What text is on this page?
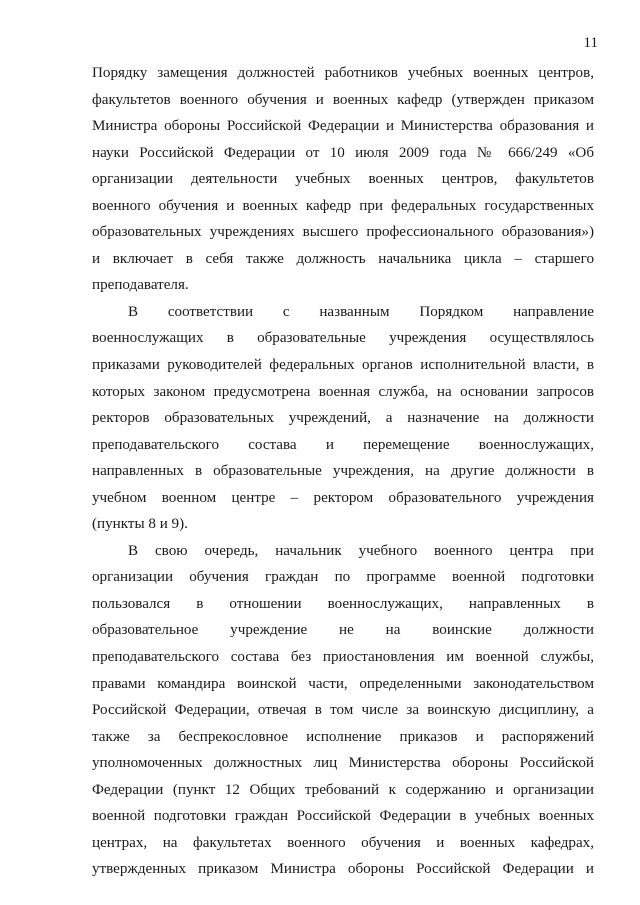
11
Порядку замещения должностей работников учебных военных центров,
факультетов военного обучения и военных кафедр (утвержден приказом
Министра обороны Российской Федерации и Министерства образования и
науки Российской Федерации от 10 июля 2009 года № 666/249 «Об
организации деятельности учебных военных центров, факультетов
военного обучения и военных кафедр при федеральных государственных
образовательных учреждениях высшего профессионального образования»)
и включает в себя также должность начальника цикла – старшего
преподавателя.
В соответствии с названным Порядком направление
военнослужащих в образовательные учреждения осуществлялось
приказами руководителей федеральных органов исполнительной власти, в
которых законом предусмотрена военная служба, на основании запросов
ректоров образовательных учреждений, а назначение на должности
преподавательского состава и перемещение военнослужащих,
направленных в образовательные учреждения, на другие должности в
учебном военном центре – ректором образовательного учреждения
(пункты 8 и 9).
В свою очередь, начальник учебного военного центра при
организации обучения граждан по программе военной подготовки
пользовался в отношении военнослужащих, направленных в
образовательное учреждение не на воинские должности
преподавательского состава без приостановления им военной службы,
правами командира воинской части, определенными законодательством
Российской Федерации, отвечая в том числе за воинскую дисциплину, а
также за беспрекословное исполнение приказов и распоряжений
уполномоченных должностных лиц Министерства обороны Российской
Федерации (пункт 12 Общих требований к содержанию и организации
военной подготовки граждан Российской Федерации в учебных военных
центрах, на факультетах военного обучения и военных кафедрах,
утвержденных приказом Министра обороны Российской Федерации и
